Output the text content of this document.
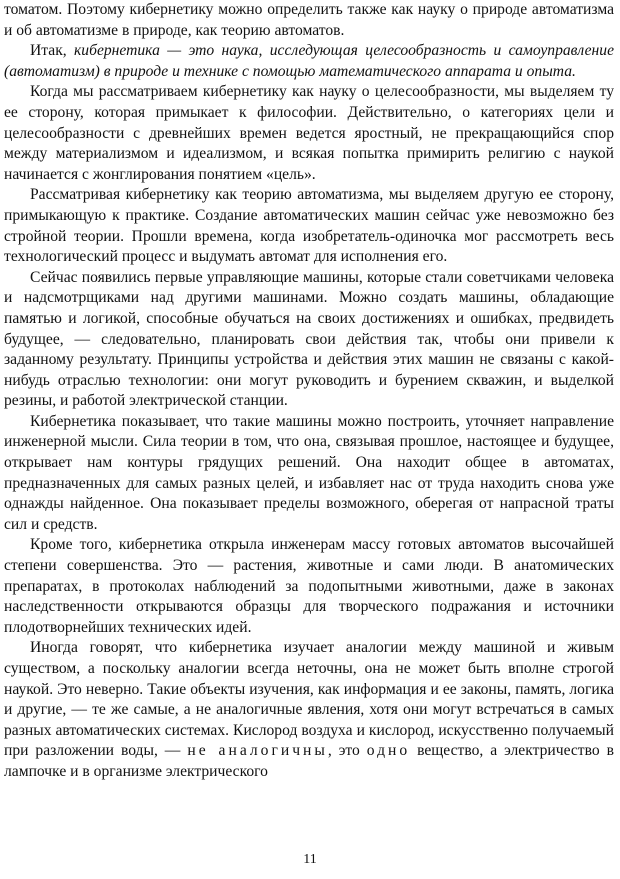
томатом. Поэтому кибернетику можно определить также как науку о природе автоматизма и об автоматизме в природе, как теорию автоматов.

Итак, кибернетика — это наука, исследующая целесообразность и самоуправление (автоматизм) в природе и технике с помощью математического аппарата и опыта.

Когда мы рассматриваем кибернетику как науку о целесообразности, мы выделяем ту ее сторону, которая примыкает к философии. Действительно, о категориях цели и целесообразности с древнейших времен ведется яростный, не прекращающийся спор между материализмом и идеализмом, и всякая попытка примирить религию с наукой начинается с жонглирования понятием «цель».

Рассматривая кибернетику как теорию автоматизма, мы выделяем другую ее сторону, примыкающую к практике. Создание автоматических машин сейчас уже невозможно без стройной теории. Прошли времена, когда изобретатель-одиночка мог рассмотреть весь технологический процесс и выдумать автомат для исполнения его.

Сейчас появились первые управляющие машины, которые стали советчиками человека и надсмотрщиками над другими машинами. Можно создать машины, обладающие памятью и логикой, способные обучаться на своих достижениях и ошибках, предвидеть будущее, — следовательно, планировать свои действия так, чтобы они привели к заданному результату. Принципы устройства и действия этих машин не связаны с какой-нибудь отраслью технологии: они могут руководить и бурением скважин, и выделкой резины, и работой электрической станции.

Кибернетика показывает, что такие машины можно построить, уточняет направление инженерной мысли. Сила теории в том, что она, связывая прошлое, настоящее и будущее, открывает нам контуры грядущих решений. Она находит общее в автоматах, предназначенных для самых разных целей, и избавляет нас от труда находить снова уже однажды найденное. Она показывает пределы возможного, оберегая от напрасной траты сил и средств.

Кроме того, кибернетика открыла инженерам массу готовых автоматов высочайшей степени совершенства. Это — растения, животные и сами люди. В анатомических препаратах, в протоколах наблюдений за подопытными животными, даже в законах наследственности открываются образцы для творческого подражания и источники плодотворнейших технических идей.

Иногда говорят, что кибернетика изучает аналогии между машиной и живым существом, а поскольку аналогии всегда неточны, она не может быть вполне строгой наукой. Это неверно. Такие объекты изучения, как информация и ее законы, память, логика и другие, — те же самые, а не аналогичные явления, хотя они могут встречаться в самых разных автоматических системах. Кислород воздуха и кислород, искусственно получаемый при разложении воды, — не аналогичны, это одно вещество, а электричество в лампочке и в организме электрического

11
